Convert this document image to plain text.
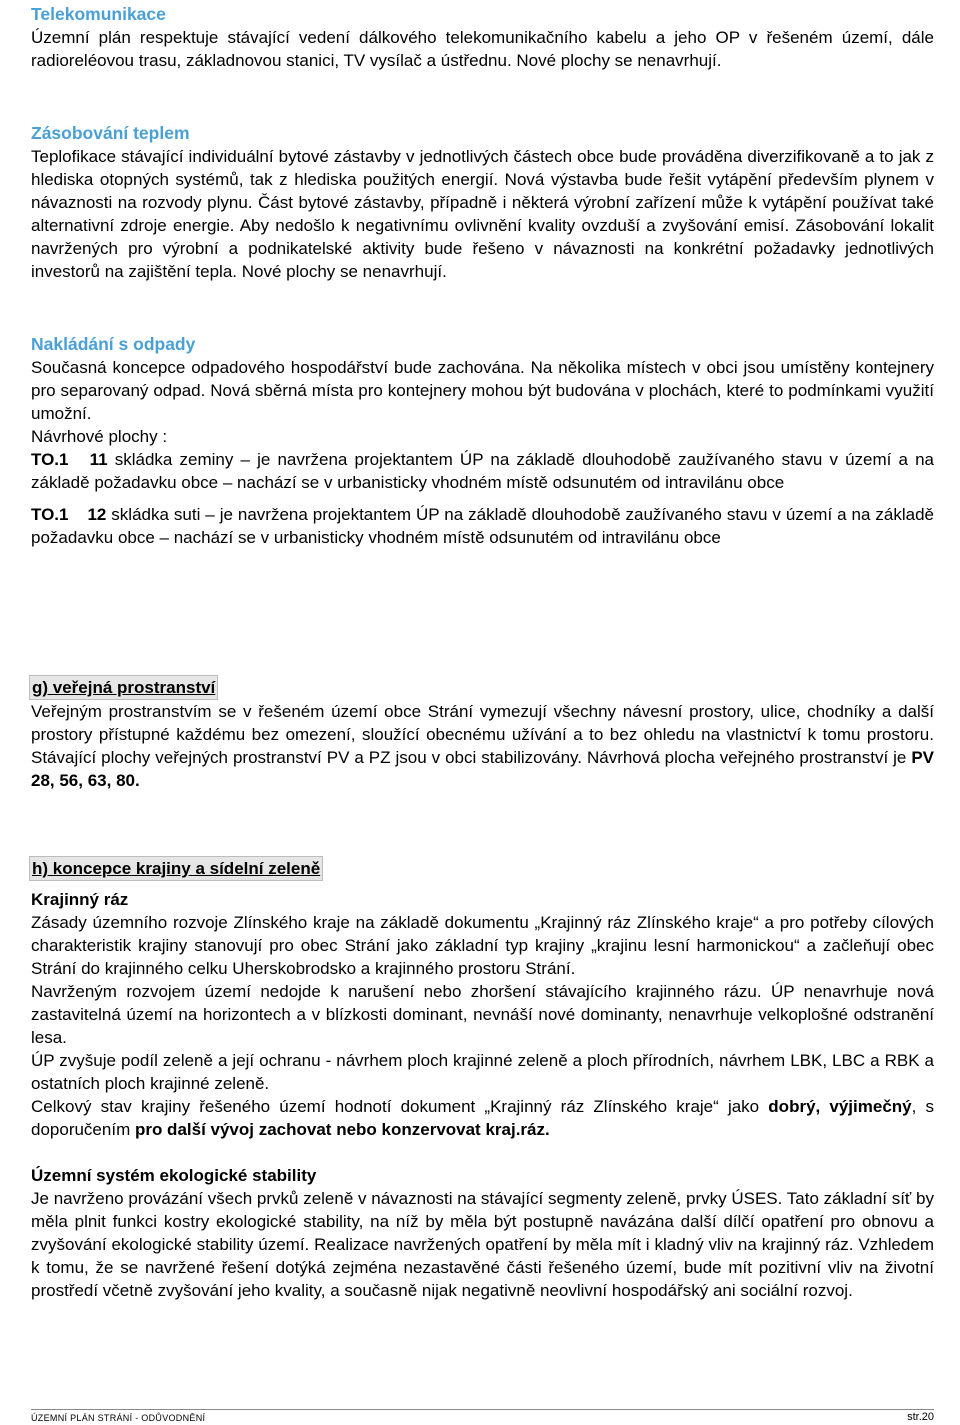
Telekomunikace

Územní plán respektuje stávající vedení dálkového telekomunikačního kabelu a jeho OP v řešeném území, dále radioreléovou trasu, základnovou stanici, TV vysílač a ústřednu. Nové plochy se nenavrhují.

Zásobování teplem

Teplofikace stávající individuální bytové zástavby v jednotlivých částech obce bude prováděna diverzifikovaně a to jak z hlediska otopných systémů, tak z hlediska použitých energií. Nová výstavba bude řešit vytápění především plynem v návaznosti na rozvody plynu. Část bytové zástavby, případně i některá výrobní zařízení může k vytápění používat také alternativní zdroje energie. Aby nedošlo k negativnímu ovlivnění kvality ovzduší a zvyšování emisí. Zásobování lokalit navržených pro výrobní a podnikatelské aktivity bude řešeno v návaznosti na konkrétní požadavky jednotlivých investorů na zajištění tepla. Nové plochy se nenavrhují.

Nakládání s odpady

Současná koncepce odpadového hospodářství bude zachována. Na několika místech v obci jsou umístěny kontejnery pro separovaný odpad. Nová sběrná místa pro kontejnery mohou být budována v plochách, které to podmínkami využití umožní.

Návrhové plochy :

TO.1 11 skládka zeminy – je navržena projektantem ÚP na základě dlouhodobě zaužívaného stavu v území a na základě požadavku obce – nachází se v urbanisticky vhodném místě odsunutém od intravilánu obce

TO.1 12 skládka suti – je navržena projektantem ÚP na základě dlouhodobě zaužívaného stavu v území a na základě požadavku obce – nachází se v urbanisticky vhodném místě odsunutém od intravilánu obce

g) veřejná prostranství

Veřejným prostranstvím se v řešeném území obce Strání vymezují všechny návesní prostory, ulice, chodníky a další prostory přístupné každému bez omezení, sloužící obecnému užívání a to bez ohledu na vlastnictví k tomu prostoru. Stávající plochy veřejných prostranství PV a PZ jsou v obci stabilizovány. Návrhová plocha veřejného prostranství je PV 28, 56, 63, 80.

h) koncepce krajiny a sídelní zeleně
Krajinný ráz

Zásady územního rozvoje Zlínského kraje na základě dokumentu „Krajinný ráz Zlínského kraje“ a pro potřeby cílových charakteristik krajiny stanovují pro obec Strání jako základní typ krajiny „krajinu lesní harmonickou“ a začleňují obec Strání do krajinného celku Uherskobrodsko a krajinného prostoru Strání.

Navrženým rozvojem území nedojde k narušení nebo zhoršení stávajícího krajinného rázu. ÚP nenavrhuje nová zastavitelná území na horizontech a v blízkosti dominant, nevnáší nové dominanty, nenavrhuje velkoplošné odstranění lesa.

ÚP zvyšuje podíl zeleně a její ochranu - návrhem ploch krajinné zeleně a ploch přírodních, návrhem LBK, LBC a RBK a ostatních ploch krajinné zeleně.

Celkový stav krajiny řešeného území hodnotí dokument „Krajinný ráz Zlínského kraje“ jako dobrý, výjimečný, s doporučením pro další vývoj zachovat nebo konzervovat kraj.ráz.

Územní systém ekologické stability

Je navrženo provázání všech prvků zeleně v návaznosti na stávající segmenty zeleně, prvky ÚSES. Tato základní síť by měla plnit funkci kostry ekologické stability, na níž by měla být postupně navázána další dílčí opatření pro obnovu a zvyšování ekologické stability území. Realizace navržených opatření by měla mít i kladný vliv na krajinný ráz. Vzhledem k tomu, že se navržené řešení dotýká zejména nezastavěné části řešeného území, bude mít pozitivní vliv na životní prostředí včetně zvyšování jeho kvality, a současně nijak negativně neovlivní hospodářský ani sociální rozvoj.

ÚZEMNÍ PLÁN STRÁNÍ - ODŮVODNĚNÍ	str.20
